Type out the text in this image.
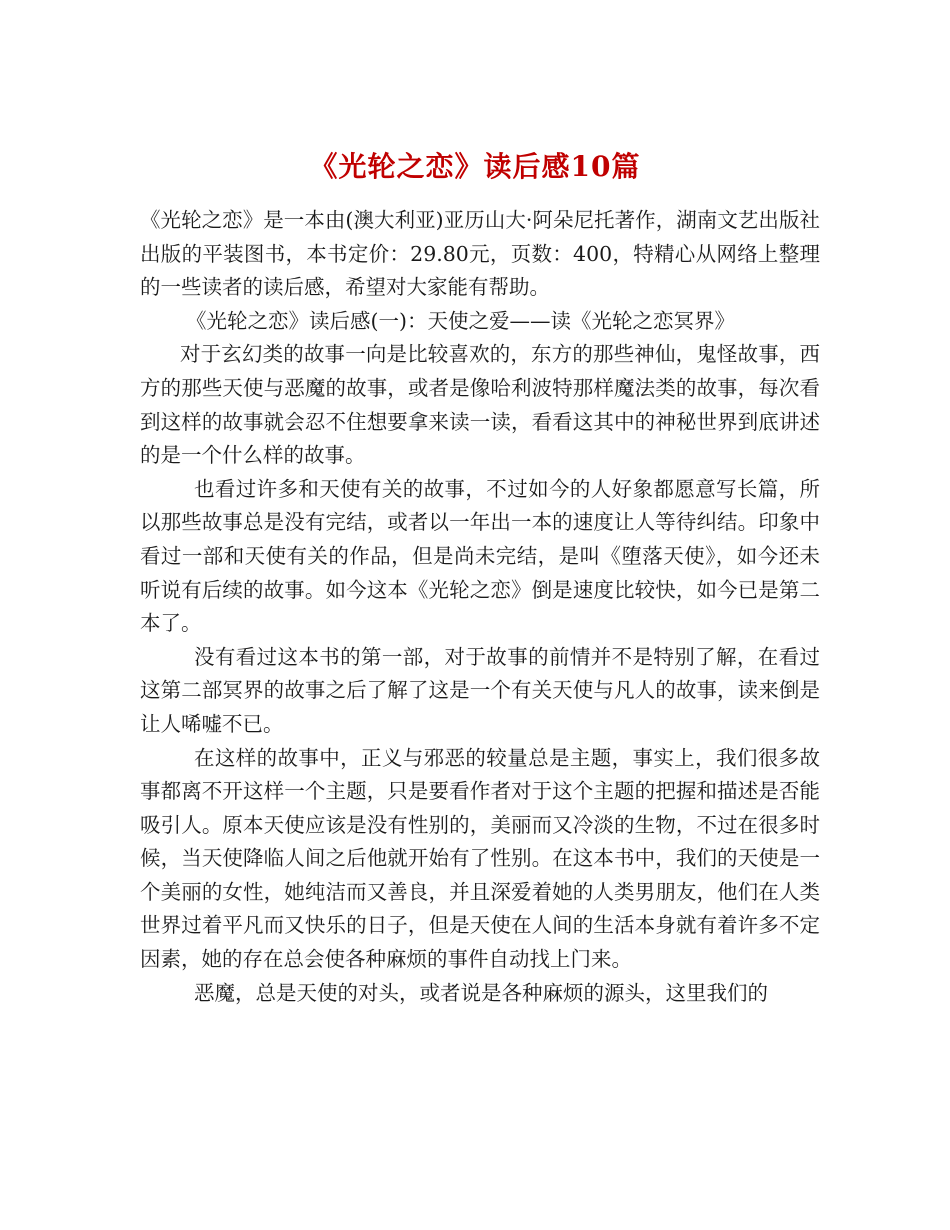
《光轮之恋》读后感10篇

《光轮之恋》是一本由(澳大利亚)亚历山大·阿朵尼托著作，湖南文艺出版社出版的平装图书，本书定价：29.80元，页数：400，特精心从网络上整理的一些读者的读后感，希望对大家能有帮助。

《光轮之恋》读后感(一)：天使之爱——读《光轮之恋冥界》

对于玄幻类的故事一向是比较喜欢的，东方的那些神仙，鬼怪故事，西方的那些天使与恶魔的故事，或者是像哈利波特那样魔法类的故事，每次看到这样的故事就会忍不住想要拿来读一读，看看这其中的神秘世界到底讲述的是一个什么样的故事。

也看过许多和天使有关的故事，不过如今的人好象都愿意写长篇，所以那些故事总是没有完结，或者以一年出一本的速度让人等待纠结。印象中看过一部和天使有关的作品，但是尚未完结，是叫《堕落天使》，如今还未听说有后续的故事。如今这本《光轮之恋》倒是速度比较快，如今已是第二本了。

没有看过这本书的第一部，对于故事的前情并不是特别了解，在看过这第二部冥界的故事之后了解了这是一个有关天使与凡人的故事，读来倒是让人唏嘘不已。

在这样的故事中，正义与邪恶的较量总是主题，事实上，我们很多故事都离不开这样一个主题，只是要看作者对于这个主题的把握和描述是否能吸引人。原本天使应该是没有性别的，美丽而又冷淡的生物，不过在很多时候，当天使降临人间之后他就开始有了性别。在这本书中，我们的天使是一个美丽的女性，她纯洁而又善良，并且深爱着她的人类男朋友，他们在人类世界过着平凡而又快乐的日子，但是天使在人间的生活本身就有着许多不定因素，她的存在总会使各种麻烦的事件自动找上门来。

恶魔，总是天使的对头，或者说是各种麻烦的源头，这里我们的
